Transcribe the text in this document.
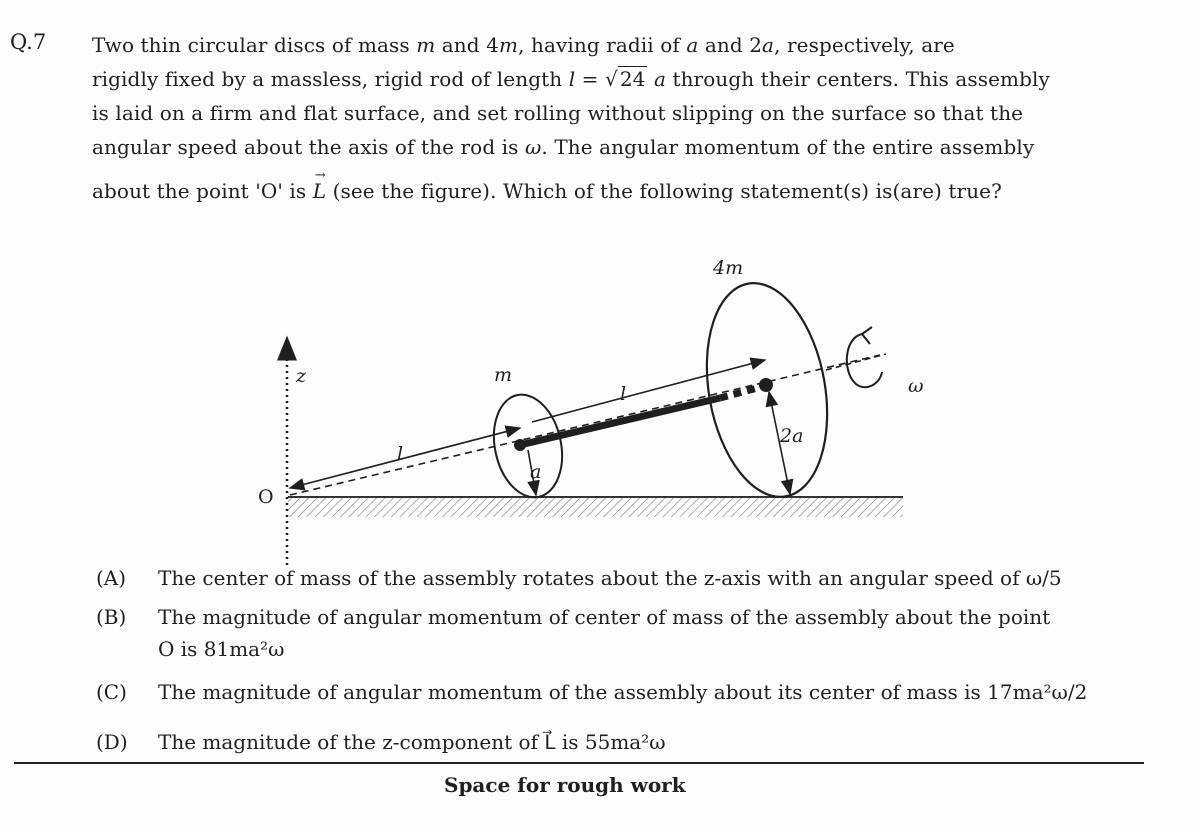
Q.7 Two thin circular discs of mass m and 4m, having radii of a and 2a, respectively, are

rigidly fixed by a massless, rigid rod of length l = √ 24 a through their centers. This assembly

is laid on a firm and flat surface, and set rolling without slipping on the surface so that the

angular speed about the axis of the rod is ω. The angular momentum of the entire assembly

about the point 'O' is → L (see the figure). Which of the following statement(s) is(are) true?

4m
m
l
l
a
2a
z
O
ω
(A) The center of mass of the assembly rotates about the z-axis with an angular speed of ω/5
(B) The magnitude of angular momentum of center of mass of the assembly about the point
O is 81ma²ω
(C) The magnitude of angular momentum of the assembly about its center of mass is 17ma²ω/2
(D) The magnitude of the z-component of L⃗ is 55ma²ω
Space for rough work
